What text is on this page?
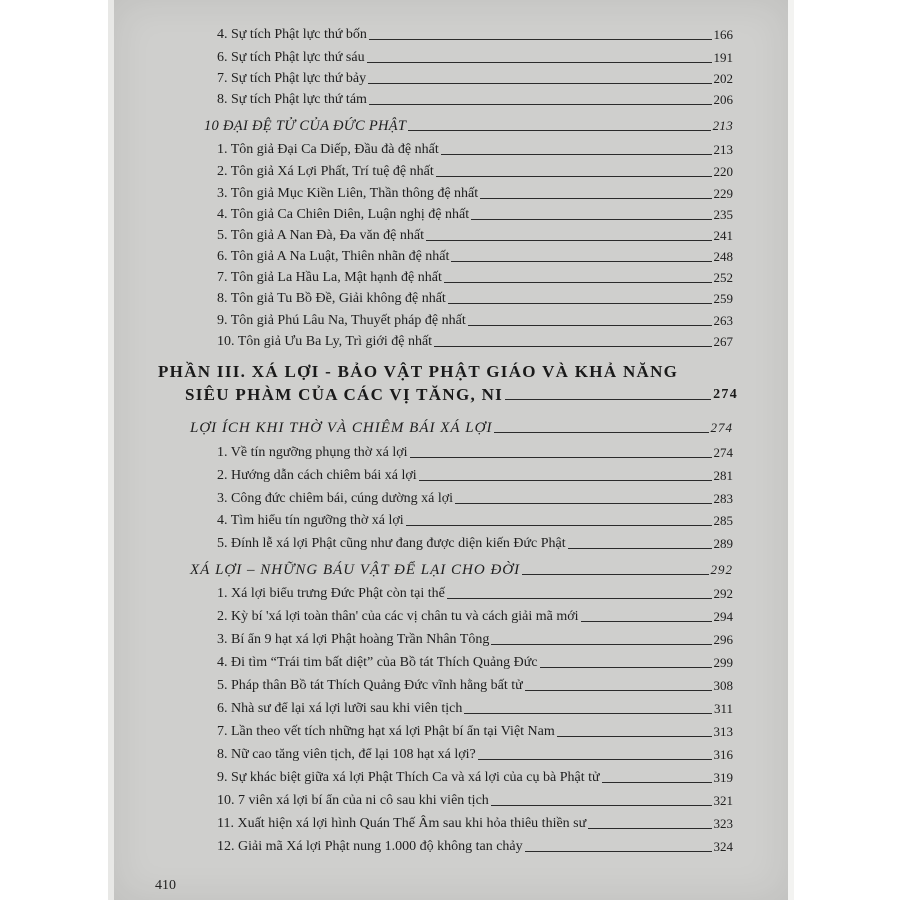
4. Sự tích Phật lực thứ bốn	166
6. Sự tích Phật lực thứ sáu	191
7. Sự tích Phật lực thứ bảy	202
8. Sự tích Phật lực thứ tám	206
10 ĐẠI ĐỆ TỬ CỦA ĐỨC PHẬT	213
1. Tôn giả Đại Ca Diếp, Đầu đà đệ nhất	213
2. Tôn giả Xá Lợi Phất, Trí tuệ đệ nhất	220
3. Tôn giả Mục Kiền Liên, Thần thông đệ nhất	229
4. Tôn giả Ca Chiên Diên, Luận nghị đệ nhất	235
5. Tôn giả A Nan Đà, Đa văn đệ nhất	241
6. Tôn giả A Na Luật, Thiên nhãn đệ nhất	248
7. Tôn giả La Hầu La, Mật hạnh đệ nhất	252
8. Tôn giả Tu Bồ Đề, Giải không đệ nhất	259
9. Tôn giả Phú Lâu Na, Thuyết pháp đệ nhất	263
10. Tôn giả Ưu Ba Ly, Trì giới đệ nhất	267
PHẦN III. XÁ LỢI - BẢO VẬT PHẬT GIÁO VÀ KHẢ NĂNG
SIÊU PHÀM CỦA CÁC VỊ TĂNG, NI	274
LỢI ÍCH KHI THỜ VÀ CHIÊM BÁI XÁ LỢI	274
1. Về tín ngưỡng phụng thờ xá lợi	274
2. Hướng dẫn cách chiêm bái xá lợi	281
3. Công đức chiêm bái, cúng dường xá lợi	283
4. Tìm hiểu tín ngưỡng thờ xá lợi	285
5. Đính lễ xá lợi Phật cũng như đang được diện kiến Đức Phật	289
XÁ LỢI – NHỮNG BÁU VẬT ĐỂ LẠI CHO ĐỜI	292
1. Xá lợi biểu trưng Đức Phật còn tại thế	292
2. Kỳ bí 'xá lợi toàn thân' của các vị chân tu và cách giải mã mới	294
3. Bí ẩn 9 hạt xá lợi Phật hoàng Trần Nhân Tông	296
4. Đi tìm “Trái tim bất diệt” của Bồ tát Thích Quảng Đức	299
5. Pháp thân Bồ tát Thích Quảng Đức vĩnh hằng bất tử	308
6. Nhà sư để lại xá lợi lưỡi sau khi viên tịch	311
7. Lần theo vết tích những hạt xá lợi Phật bí ẩn tại Việt Nam	313
8. Nữ cao tăng viên tịch, để lại 108 hạt xá lợi?	316
9. Sự khác biệt giữa xá lợi Phật Thích Ca và xá lợi của cụ bà Phật tử	319
10. 7 viên xá lợi bí ẩn của ni cô sau khi viên tịch	321
11. Xuất hiện xá lợi hình Quán Thế Âm sau khi hỏa thiêu thiền sư	323
12. Giải mã Xá lợi Phật nung 1.000 độ không tan chảy	324
410
